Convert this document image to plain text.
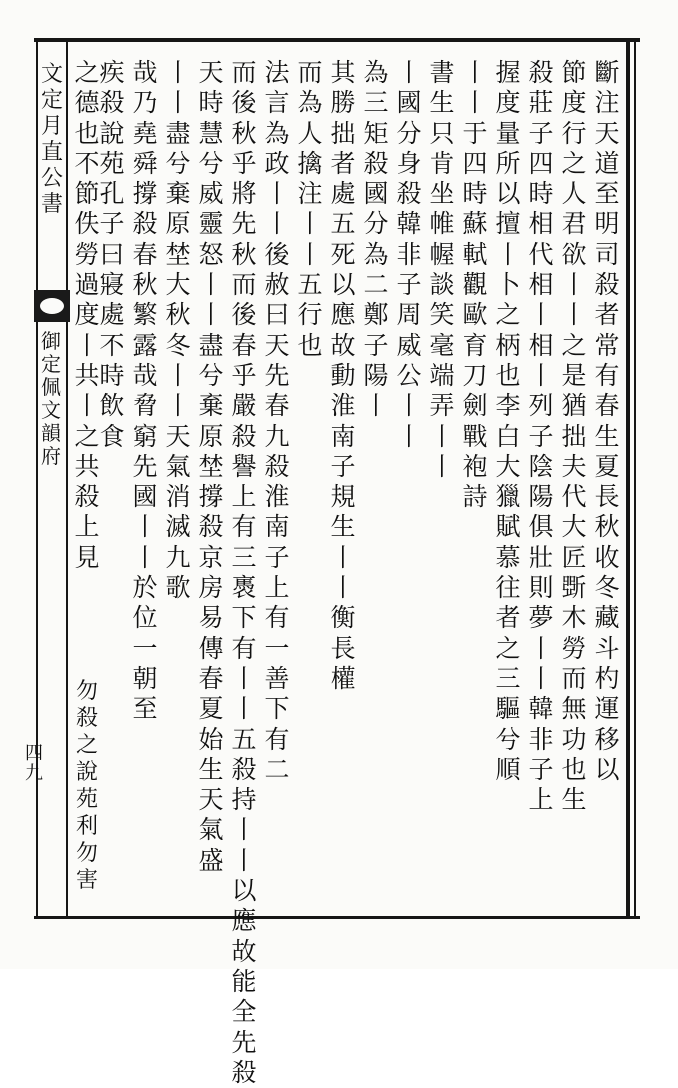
文定月直公書
御定佩文韻府
四九
斷注天道至明司殺者常有春生夏長秋收冬藏斗杓運移以
節度行之人君欲丨丨之是猶拙夫代大匠斲木勞而無功也生
殺莊子四時相代相丨相丨列子陰陽俱壯則夢丨丨韓非子上
握度量所以擅丨卜之柄也李白大獵賦慕往者之三驅兮順
丨丨于四時蘇軾觀歐育刀劍戰袍詩
書生只肯坐帷幄談笑毫端弄丨丨
丨國分身殺韓非子周威公丨丨
為三矩殺國分為二鄭子陽丨
其勝拙者處五死以應故動淮南子規生丨丨衡長權
而為人擒注丨丨五行也
法言為政丨丨後赦曰天先春九殺淮南子上有一善下有二
而後秋乎將先秋而後春乎嚴殺譽上有三褭下有丨丨五殺持丨丨以應故能全先殺
天時慧兮威靈怒丨丨盡兮棄原埜撐殺京房易傳春夏始生天氣盛
丨丨盡兮棄原埜大秋冬丨丨天氣消滅九歌
哉乃堯舜撐殺春秋繁露哉脅窮先國丨丨於位一朝至
疾殺說苑孔子曰寢處不時飲食
之德也不節佚勞過度丨共丨之共殺上見
勿殺之說苑利勿害
